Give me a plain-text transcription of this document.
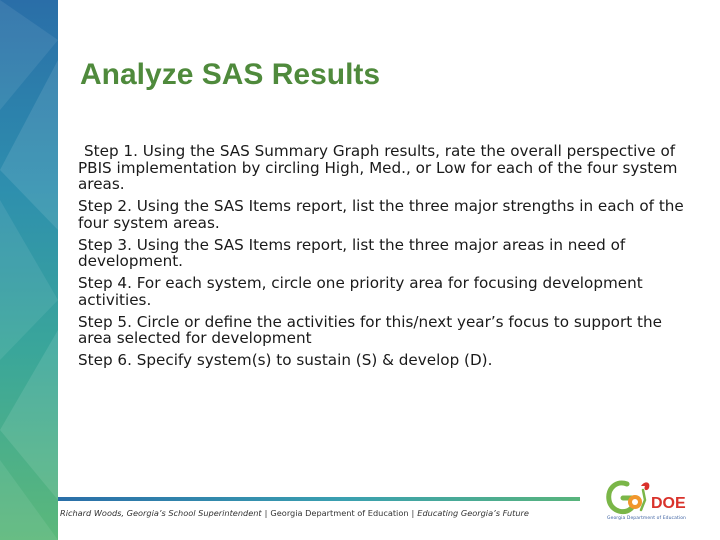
Analyze SAS Results

Step 1. Using the SAS Summary Graph results, rate the overall perspective of PBIS implementation by circling High, Med., or Low for each of the four system areas.

Step 2. Using the SAS Items report, list the three major strengths in each of the four system areas.

Step 3. Using the SAS Items report, list the three major areas in need of development.

Step 4. For each system, circle one priority area for focusing development activities.

Step 5. Circle or define the activities for this/next year’s focus to support the area selected for development

Step 6. Specify system(s) to sustain (S) & develop (D).

Richard Woods, Georgia’s School Superintendent | Georgia Department of Education | Educating Georgia’s Future
DOE
Georgia Department of Education
